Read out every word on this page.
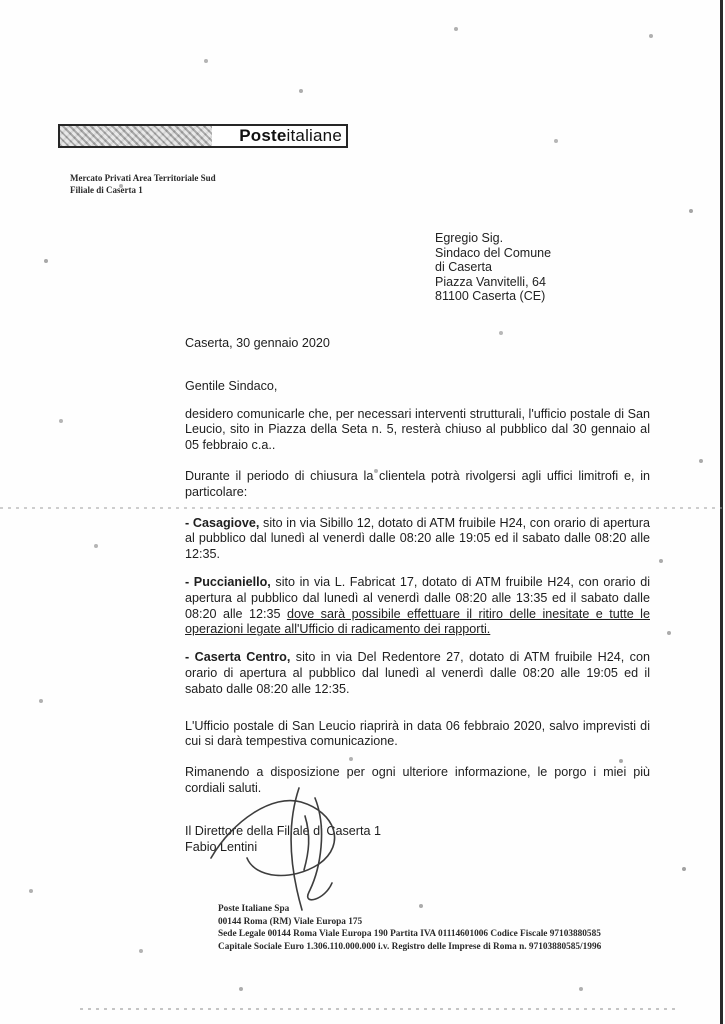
Poste italiane
Mercato Privati Area Territoriale Sud
Filiale di Caserta 1
Egregio Sig.
Sindaco del Comune
di Caserta
Piazza Vanvitelli, 64
81100 Caserta (CE)

Caserta, 30 gennaio 2020

Gentile Sindaco,

desidero comunicarle che, per necessari interventi strutturali, l'ufficio postale di San Leucio, sito in Piazza della Seta n. 5, resterà chiuso al pubblico dal 30 gennaio al 05 febbraio c.a..

Durante il periodo di chiusura la clientela potrà rivolgersi agli uffici limitrofi e, in particolare:

- Casagiove, sito in via Sibillo 12, dotato di ATM fruibile H24, con orario di apertura al pubblico dal lunedì al venerdì dalle 08:20 alle 19:05 ed il sabato dalle 08:20 alle 12:35.

- Puccianiello, sito in via L. Fabricat 17, dotato di ATM fruibile H24, con orario di apertura al pubblico dal lunedì al venerdì dalle 08:20 alle 13:35 ed il sabato dalle 08:20 alle 12:35 dove sarà possibile effettuare il ritiro delle inesitate e tutte le operazioni legate all'Ufficio di radicamento dei rapporti.

- Caserta Centro, sito in via Del Redentore 27, dotato di ATM fruibile H24, con orario di apertura al pubblico dal lunedì al venerdì dalle 08:20 alle 19:05 ed il sabato dalle 08:20 alle 12:35.

L'Ufficio postale di San Leucio riaprirà in data 06 febbraio 2020, salvo imprevisti di cui si darà tempestiva comunicazione.

Rimanendo a disposizione per ogni ulteriore informazione, le porgo i miei più cordiali saluti.

Il Direttore della Filiale di Caserta 1

Fabio Lentini

Poste Italiane Spa
00144 Roma (RM) Viale Europa 175
Sede Legale 00144 Roma Viale Europa 190 Partita IVA 01114601006 Codice Fiscale 97103880585
Capitale Sociale Euro 1.306.110.000.000 i.v. Registro delle Imprese di Roma n. 97103880585/1996
